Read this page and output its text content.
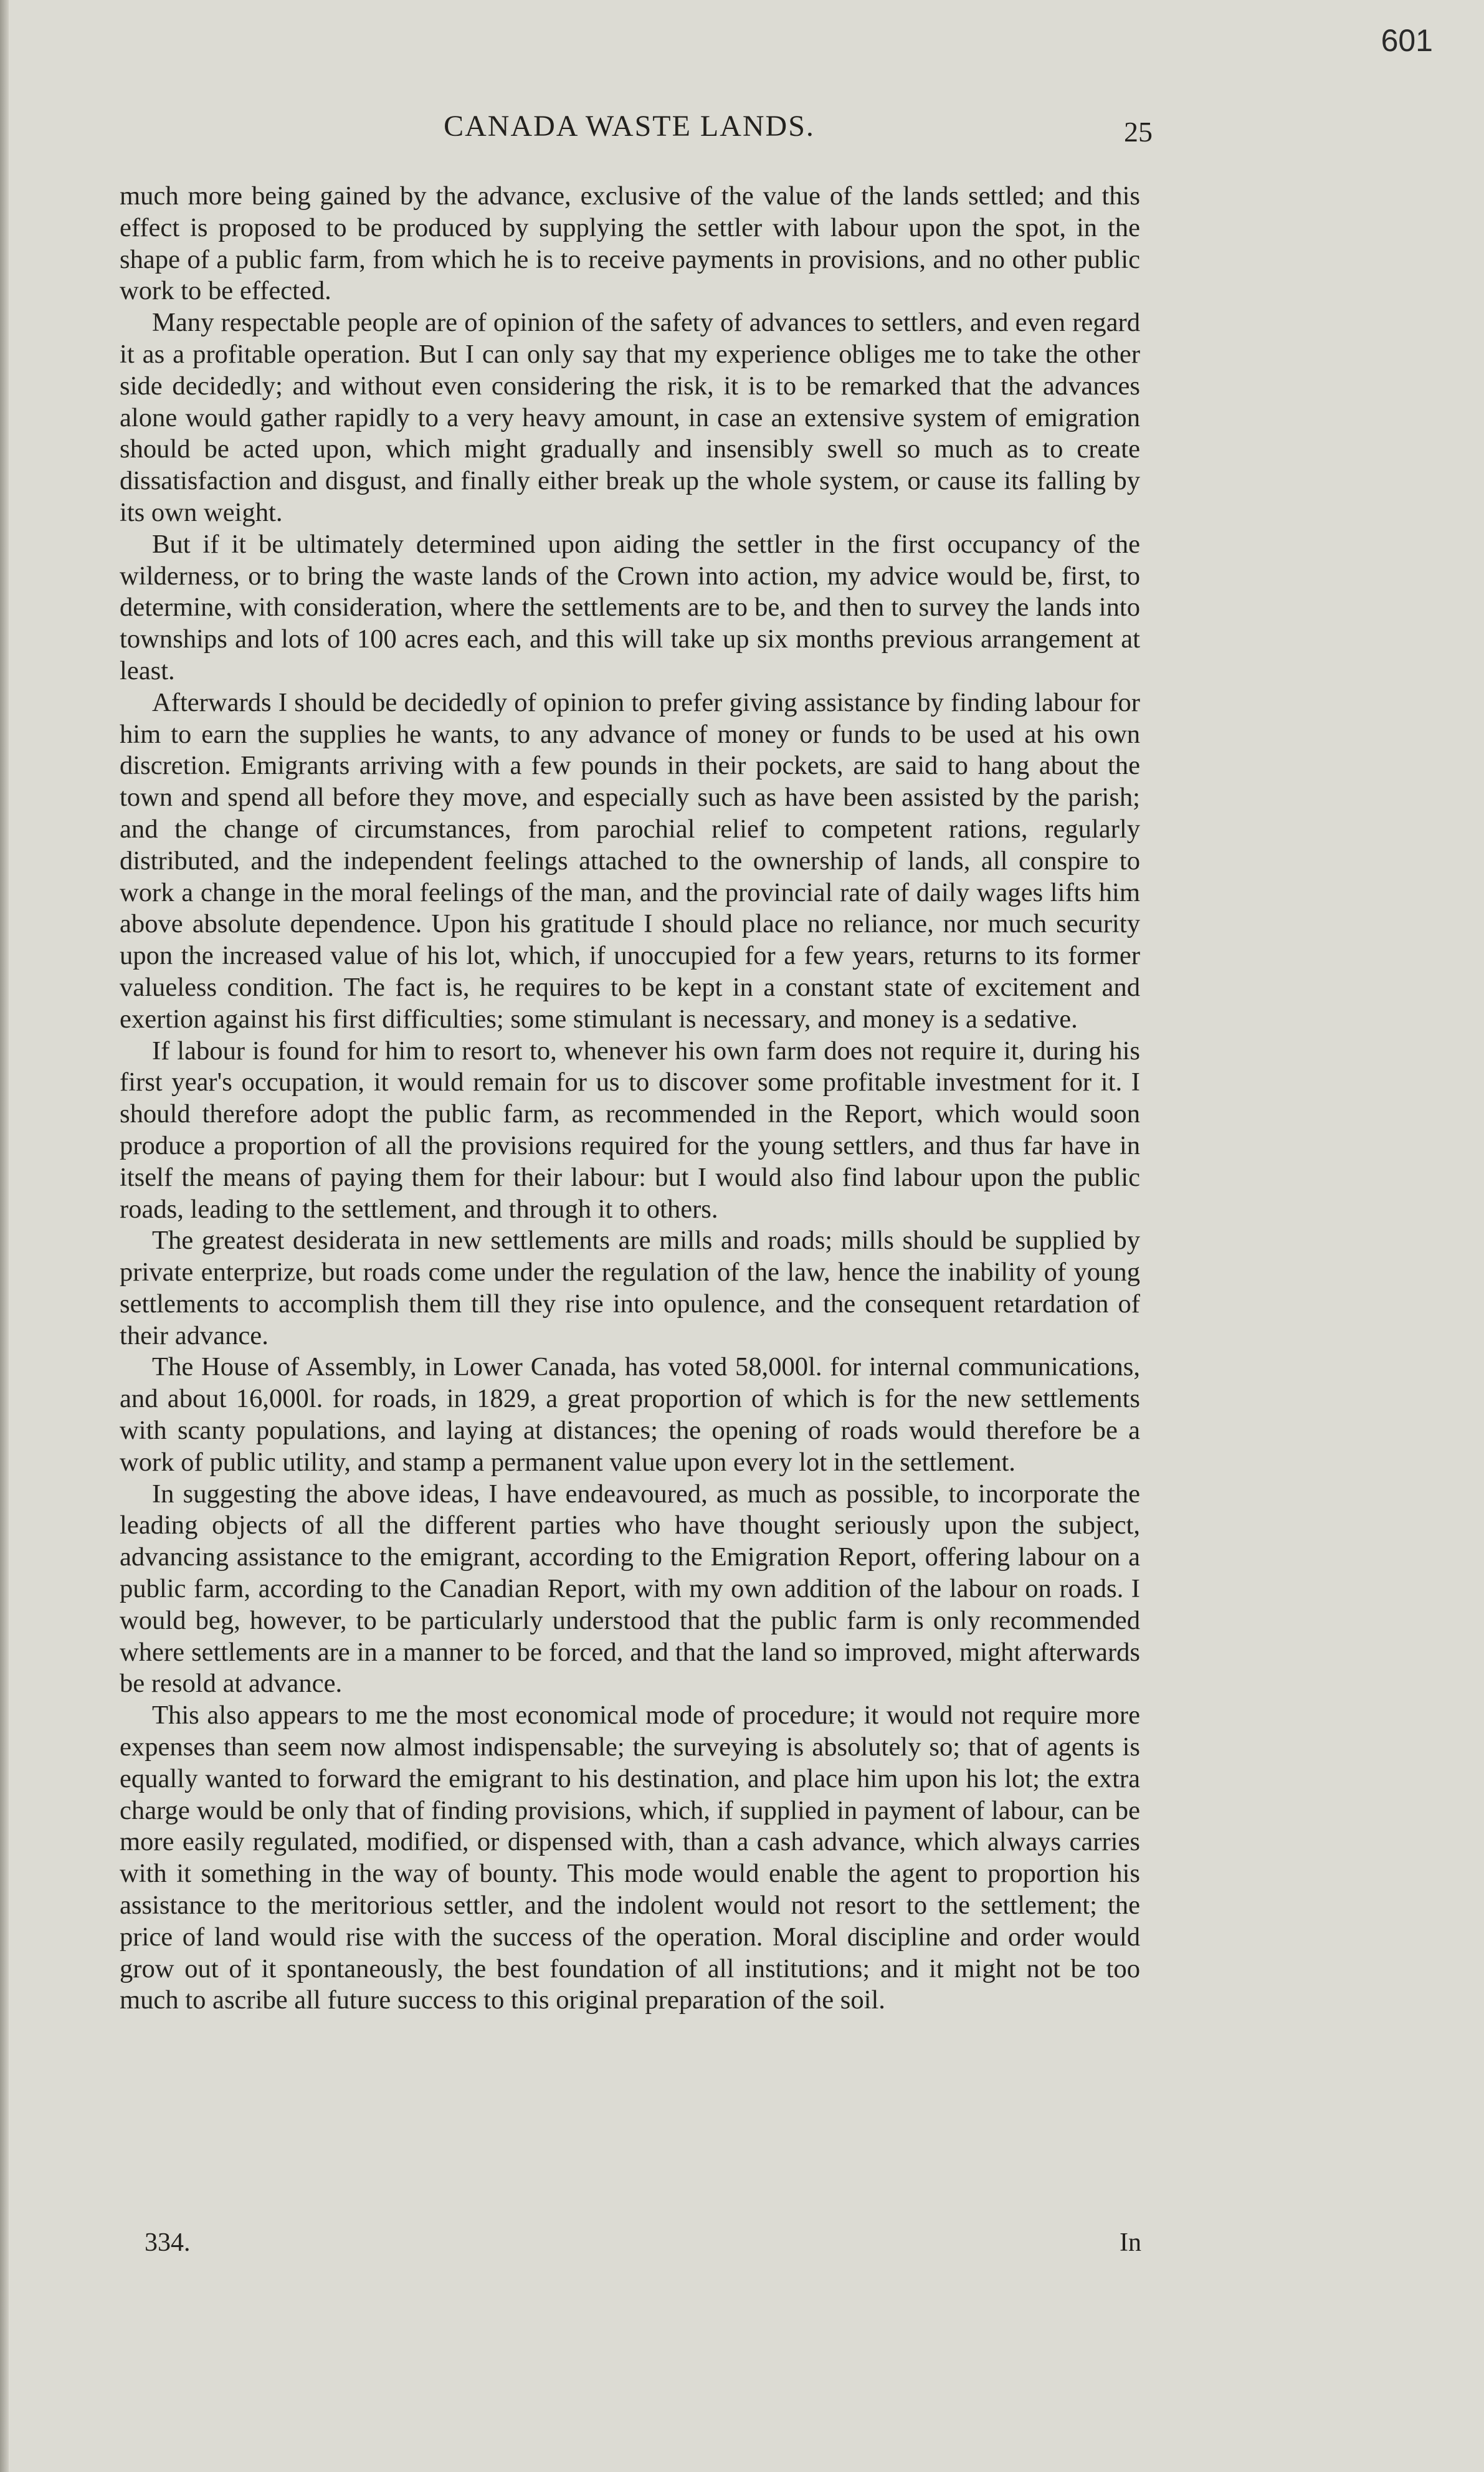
601
CANADA WASTE LANDS.	25

much more being gained by the advance, exclusive of the value of the lands settled; and this effect is proposed to be produced by supplying the settler with labour upon the spot, in the shape of a public farm, from which he is to receive payments in provisions, and no other public work to be effected.

Many respectable people are of opinion of the safety of advances to settlers, and even regard it as a profitable operation. But I can only say that my experience obliges me to take the other side decidedly; and without even considering the risk, it is to be remarked that the advances alone would gather rapidly to a very heavy amount, in case an extensive system of emigration should be acted upon, which might gradually and insensibly swell so much as to create dissatisfaction and disgust, and finally either break up the whole system, or cause its falling by its own weight.

But if it be ultimately determined upon aiding the settler in the first occupancy of the wilderness, or to bring the waste lands of the Crown into action, my advice would be, first, to determine, with consideration, where the settlements are to be, and then to survey the lands into townships and lots of 100 acres each, and this will take up six months previous arrangement at least.

Afterwards I should be decidedly of opinion to prefer giving assistance by finding labour for him to earn the supplies he wants, to any advance of money or funds to be used at his own discretion. Emigrants arriving with a few pounds in their pockets, are said to hang about the town and spend all before they move, and especially such as have been assisted by the parish; and the change of circumstances, from parochial relief to competent rations, regularly distributed, and the independent feelings attached to the ownership of lands, all conspire to work a change in the moral feelings of the man, and the provincial rate of daily wages lifts him above absolute dependence. Upon his gratitude I should place no reliance, nor much security upon the increased value of his lot, which, if unoccupied for a few years, returns to its former valueless condition. The fact is, he requires to be kept in a constant state of excitement and exertion against his first difficulties; some stimulant is necessary, and money is a sedative.

If labour is found for him to resort to, whenever his own farm does not require it, during his first year's occupation, it would remain for us to discover some profitable investment for it. I should therefore adopt the public farm, as recommended in the Report, which would soon produce a proportion of all the provisions required for the young settlers, and thus far have in itself the means of paying them for their labour: but I would also find labour upon the public roads, leading to the settlement, and through it to others.

The greatest desiderata in new settlements are mills and roads; mills should be supplied by private enterprize, but roads come under the regulation of the law, hence the inability of young settlements to accomplish them till they rise into opulence, and the consequent retardation of their advance.

The House of Assembly, in Lower Canada, has voted 58,000l. for internal communications, and about 16,000l. for roads, in 1829, a great proportion of which is for the new settlements with scanty populations, and laying at distances; the opening of roads would therefore be a work of public utility, and stamp a permanent value upon every lot in the settlement.

In suggesting the above ideas, I have endeavoured, as much as possible, to incorporate the leading objects of all the different parties who have thought seriously upon the subject, advancing assistance to the emigrant, according to the Emigration Report, offering labour on a public farm, according to the Canadian Report, with my own addition of the labour on roads. I would beg, however, to be particularly understood that the public farm is only recommended where settlements are in a manner to be forced, and that the land so improved, might afterwards be resold at advance.

This also appears to me the most economical mode of procedure; it would not require more expenses than seem now almost indispensable; the surveying is absolutely so; that of agents is equally wanted to forward the emigrant to his destination, and place him upon his lot; the extra charge would be only that of finding provisions, which, if supplied in payment of labour, can be more easily regulated, modified, or dispensed with, than a cash advance, which always carries with it something in the way of bounty. This mode would enable the agent to proportion his assistance to the meritorious settler, and the indolent would not resort to the settlement; the price of land would rise with the success of the operation. Moral discipline and order would grow out of it spontaneously, the best foundation of all institutions; and it might not be too much to ascribe all future success to this original preparation of the soil.

334.	In
